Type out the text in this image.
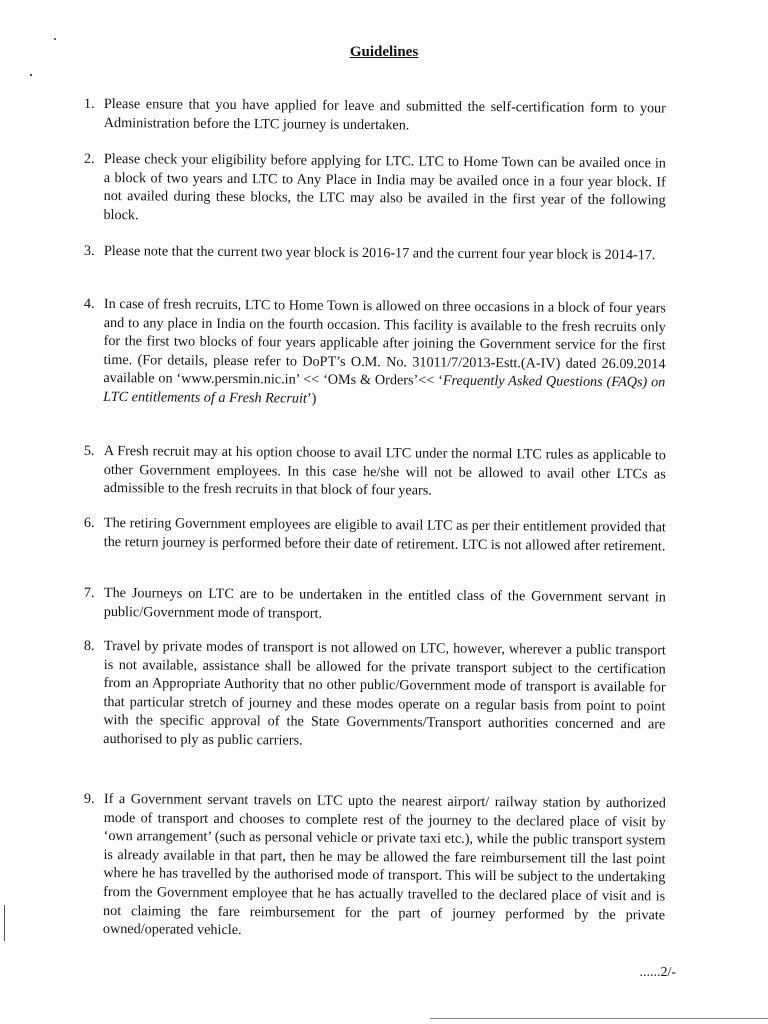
Guidelines
1. Please ensure that you have applied for leave and submitted the self-certification form to your Administration before the LTC journey is undertaken.
2. Please check your eligibility before applying for LTC. LTC to Home Town can be availed once in a block of two years and LTC to Any Place in India may be availed once in a four year block. If not availed during these blocks, the LTC may also be availed in the first year of the following block.
3. Please note that the current two year block is 2016-17 and the current four year block is 2014-17.
4. In case of fresh recruits, LTC to Home Town is allowed on three occasions in a block of four years and to any place in India on the fourth occasion. This facility is available to the fresh recruits only for the first two blocks of four years applicable after joining the Government service for the first time. (For details, please refer to DoPT’s O.M. No. 31011/7/2013-Estt.(A-IV) dated 26.09.2014 available on ‘www.persmin.nic.in’ << ‘OMs & Orders’<< ‘Frequently Asked Questions (FAQs) on LTC entitlements of a Fresh Recruit’)
5. A Fresh recruit may at his option choose to avail LTC under the normal LTC rules as applicable to other Government employees. In this case he/she will not be allowed to avail other LTCs as admissible to the fresh recruits in that block of four years.
6. The retiring Government employees are eligible to avail LTC as per their entitlement provided that the return journey is performed before their date of retirement. LTC is not allowed after retirement.
7. The Journeys on LTC are to be undertaken in the entitled class of the Government servant in public/Government mode of transport.
8. Travel by private modes of transport is not allowed on LTC, however, wherever a public transport is not available, assistance shall be allowed for the private transport subject to the certification from an Appropriate Authority that no other public/Government mode of transport is available for that particular stretch of journey and these modes operate on a regular basis from point to point with the specific approval of the State Governments/Transport authorities concerned and are authorised to ply as public carriers.
9. If a Government servant travels on LTC upto the nearest airport/ railway station by authorized mode of transport and chooses to complete rest of the journey to the declared place of visit by ‘own arrangement’ (such as personal vehicle or private taxi etc.), while the public transport system is already available in that part, then he may be allowed the fare reimbursement till the last point where he has travelled by the authorised mode of transport. This will be subject to the undertaking from the Government employee that he has actually travelled to the declared place of visit and is not claiming the fare reimbursement for the part of journey performed by the private owned/operated vehicle.
......2/-
